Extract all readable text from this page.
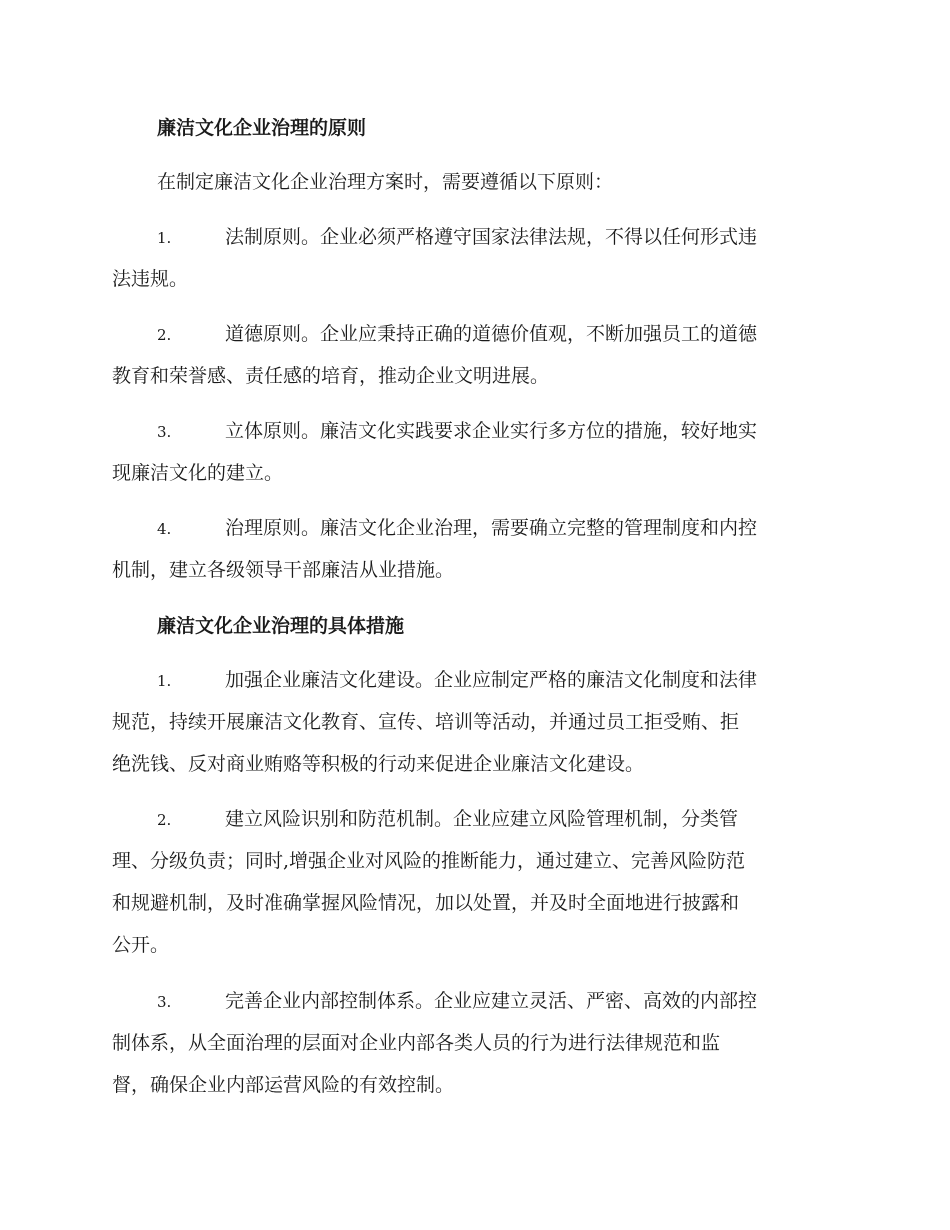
廉洁文化企业治理的原则
在制定廉洁文化企业治理方案时，需要遵循以下原则：
1.	法制原则。企业必须严格遵守国家法律法规，不得以任何形式违
法违规。
2.	道德原则。企业应秉持正确的道德价值观，不断加强员工的道德
教育和荣誉感、责任感的培育，推动企业文明进展。
3.	立体原则。廉洁文化实践要求企业实行多方位的措施，较好地实
现廉洁文化的建立。
4.	治理原则。廉洁文化企业治理，需要确立完整的管理制度和内控
机制，建立各级领导干部廉洁从业措施。
廉洁文化企业治理的具体措施
1.	加强企业廉洁文化建设。企业应制定严格的廉洁文化制度和法律
规范，持续开展廉洁文化教育、宣传、培训等活动，并通过员工拒受贿、拒
绝洗钱、反对商业贿赂等积极的行动来促进企业廉洁文化建设。
2.	建立风险识别和防范机制。企业应建立风险管理机制，分类管
理、分级负责；同时,增强企业对风险的推断能力，通过建立、完善风险防范
和规避机制，及时准确掌握风险情况，加以处置，并及时全面地进行披露和
公开。
3.	完善企业内部控制体系。企业应建立灵活、严密、高效的内部控
制体系，从全面治理的层面对企业内部各类人员的行为进行法律规范和监
督，确保企业内部运营风险的有效控制。
